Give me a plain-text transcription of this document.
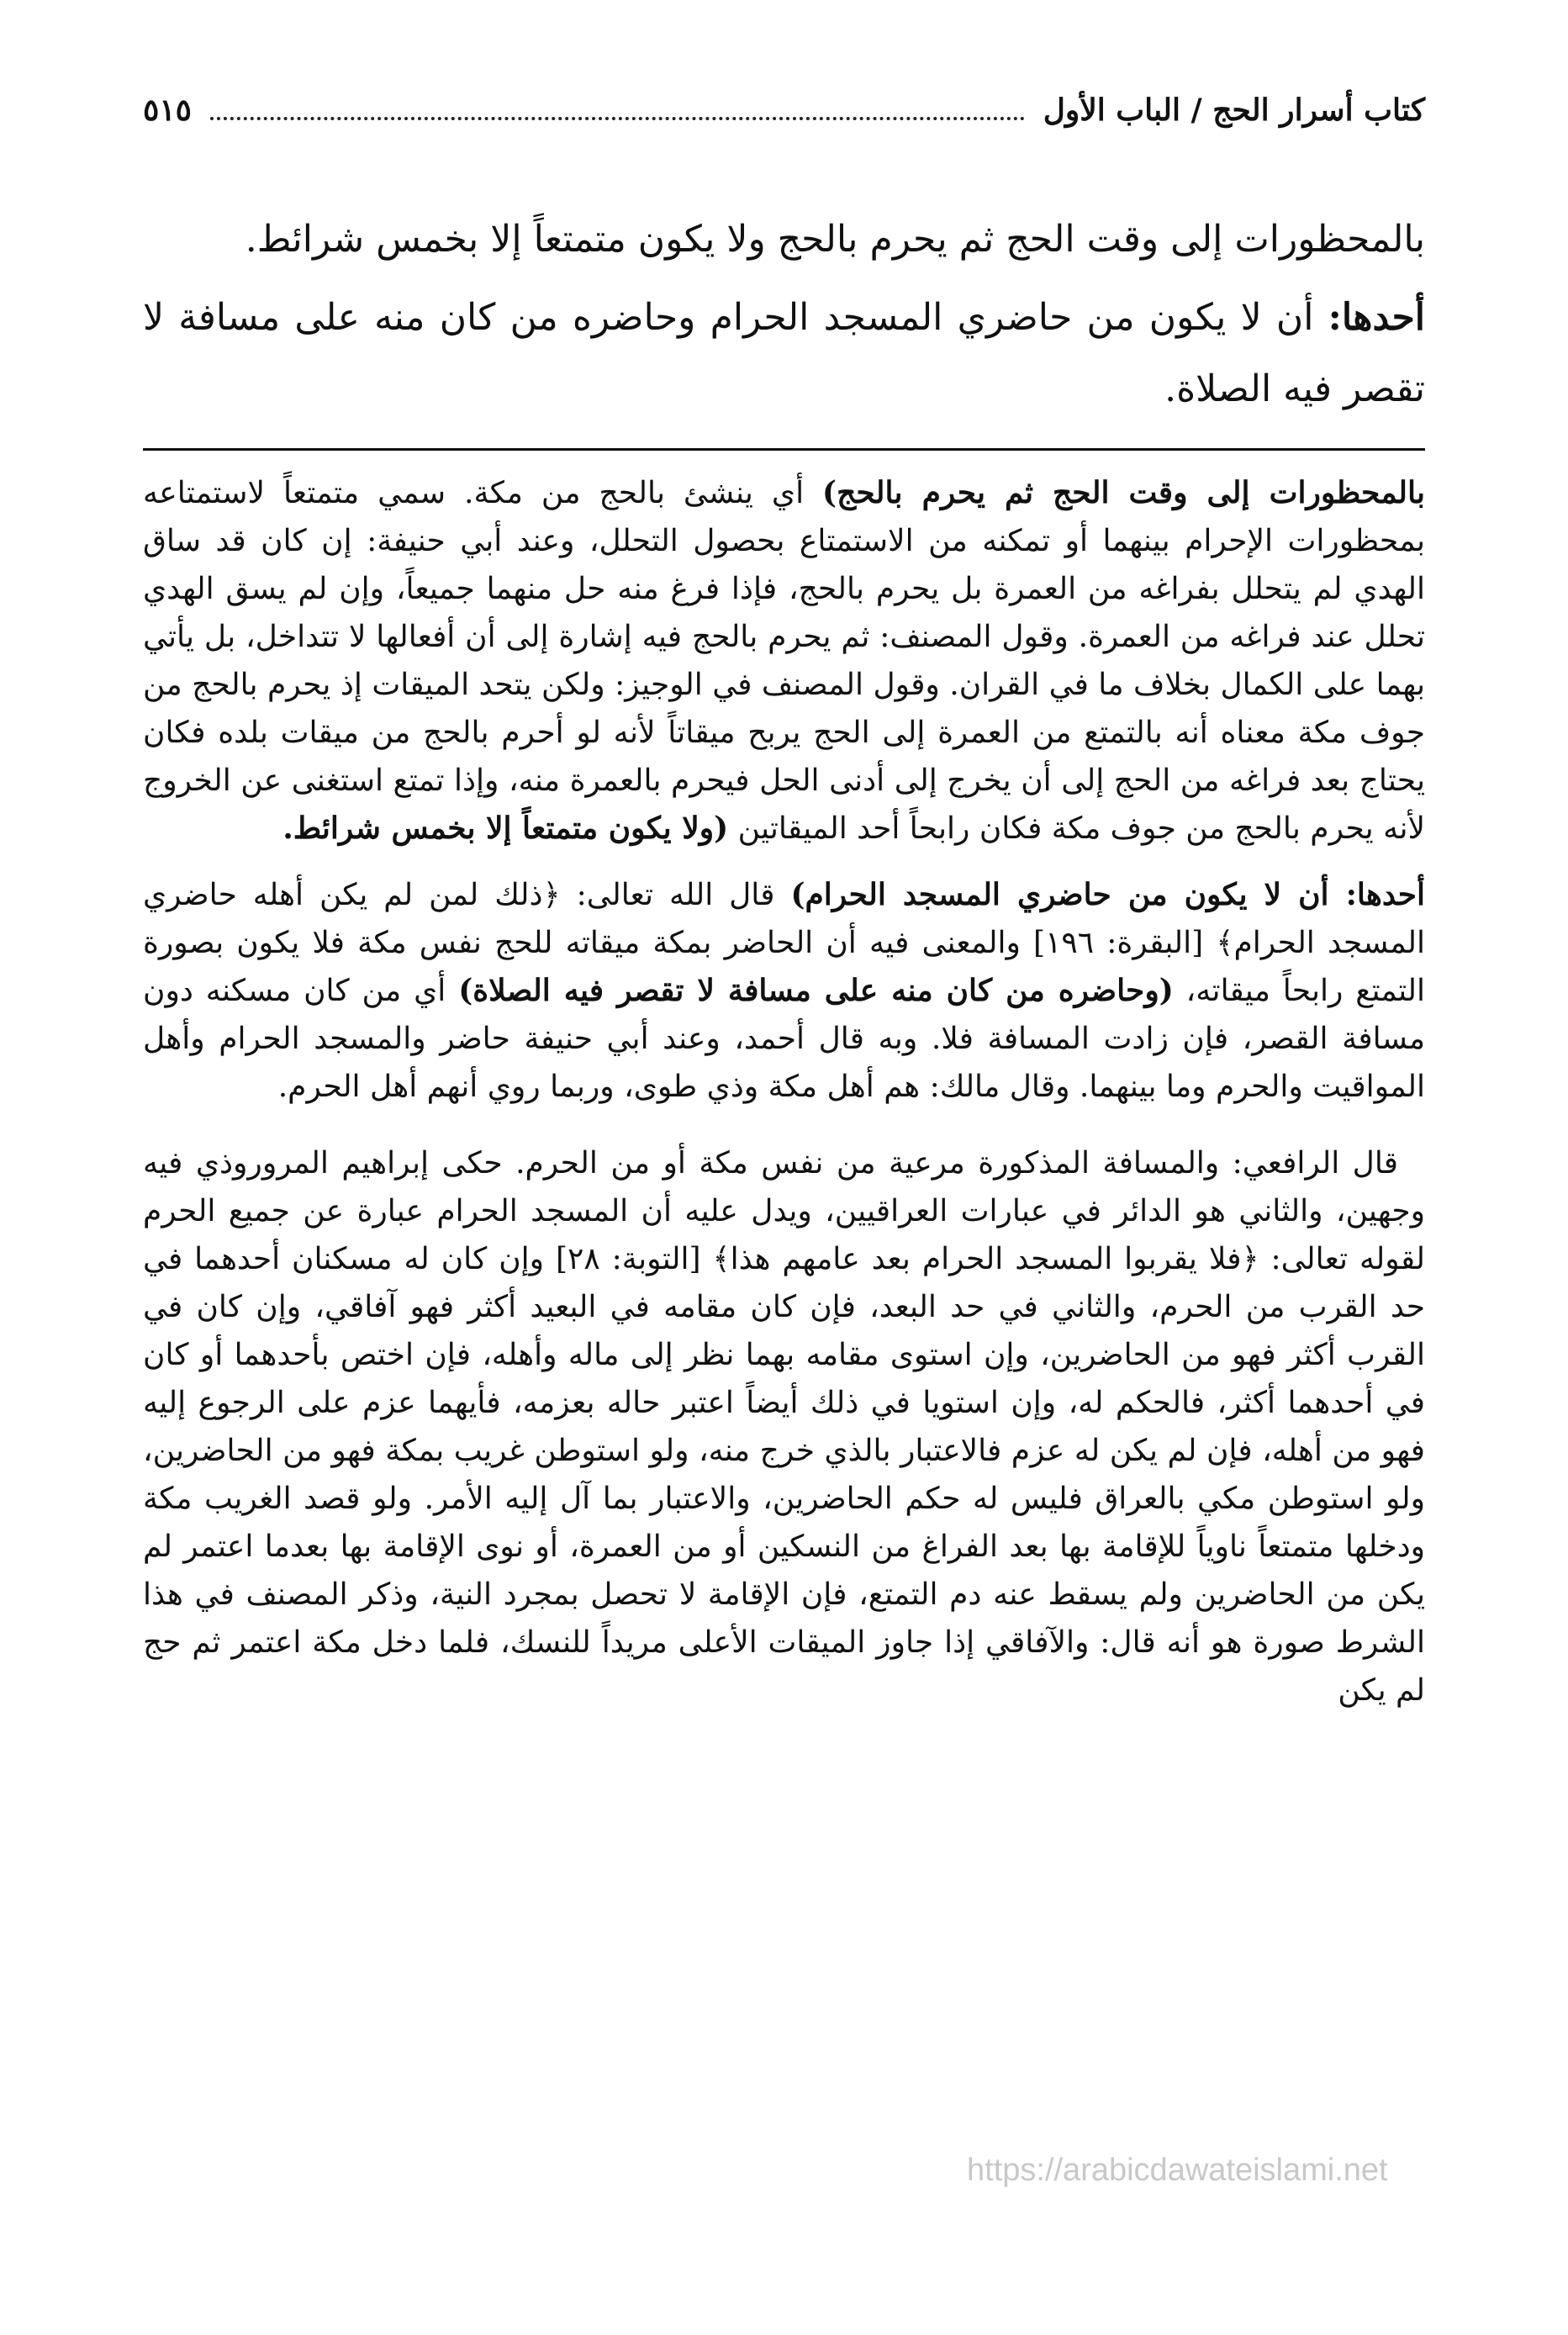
كتاب أسرار الحج / الباب الأول
٥١٥

بالمحظورات إلى وقت الحج ثم يحرم بالحج ولا يكون متمتعاً إلا بخمس شرائط.

أحدها: أن لا يكون من حاضري المسجد الحرام وحاضره من كان منه على مسافة لا تقصر فيه الصلاة.

بالمحظورات إلى وقت الحج ثم يحرم بالحج) أي ينشئ بالحج من مكة. سمي متمتعاً لاستمتاعه بمحظورات الإحرام بينهما أو تمكنه من الاستمتاع بحصول التحلل، وعند أبي حنيفة: إن كان قد ساق الهدي لم يتحلل بفراغه من العمرة بل يحرم بالحج، فإذا فرغ منه حل منهما جميعاً، وإن لم يسق الهدي تحلل عند فراغه من العمرة. وقول المصنف: ثم يحرم بالحج فيه إشارة إلى أن أفعالها لا تتداخل، بل يأتي بهما على الكمال بخلاف ما في القران. وقول المصنف في الوجيز: ولكن يتحد الميقات إذ يحرم بالحج من جوف مكة معناه أنه بالتمتع من العمرة إلى الحج يربح ميقاتاً لأنه لو أحرم بالحج من ميقات بلده فكان يحتاج بعد فراغه من الحج إلى أن يخرج إلى أدنى الحل فيحرم بالعمرة منه، وإذا تمتع استغنى عن الخروج لأنه يحرم بالحج من جوف مكة فكان رابحاً أحد الميقاتين (ولا يكون متمتعاً إلا بخمس شرائط.

أحدها: أن لا يكون من حاضري المسجد الحرام) قال الله تعالى: ﴿ذلك لمن لم يكن أهله حاضري المسجد الحرام﴾ [البقرة: ١٩٦] والمعنى فيه أن الحاضر بمكة ميقاته للحج نفس مكة فلا يكون بصورة التمتع رابحاً ميقاته، (وحاضره من كان منه على مسافة لا تقصر فيه الصلاة) أي من كان مسكنه دون مسافة القصر، فإن زادت المسافة فلا. وبه قال أحمد، وعند أبي حنيفة حاضر والمسجد الحرام وأهل المواقيت والحرم وما بينهما. وقال مالك: هم أهل مكة وذي طوى، وربما روي أنهم أهل الحرم.

قال الرافعي: والمسافة المذكورة مرعية من نفس مكة أو من الحرم. حكى إبراهيم المروروذي فيه وجهين، والثاني هو الدائر في عبارات العراقيين، ويدل عليه أن المسجد الحرام عبارة عن جميع الحرم لقوله تعالى: ﴿فلا يقربوا المسجد الحرام بعد عامهم هذا﴾ [التوبة: ٢٨] وإن كان له مسكنان أحدهما في حد القرب من الحرم، والثاني في حد البعد، فإن كان مقامه في البعيد أكثر فهو آفاقي، وإن كان في القرب أكثر فهو من الحاضرين، وإن استوى مقامه بهما نظر إلى ماله وأهله، فإن اختص بأحدهما أو كان في أحدهما أكثر، فالحكم له، وإن استويا في ذلك أيضاً اعتبر حاله بعزمه، فأيهما عزم على الرجوع إليه فهو من أهله، فإن لم يكن له عزم فالاعتبار بالذي خرج منه، ولو استوطن غريب بمكة فهو من الحاضرين، ولو استوطن مكي بالعراق فليس له حكم الحاضرين، والاعتبار بما آل إليه الأمر. ولو قصد الغريب مكة ودخلها متمتعاً ناوياً للإقامة بها بعد الفراغ من النسكين أو من العمرة، أو نوى الإقامة بها بعدما اعتمر لم يكن من الحاضرين ولم يسقط عنه دم التمتع، فإن الإقامة لا تحصل بمجرد النية، وذكر المصنف في هذا الشرط صورة هو أنه قال: والآفاقي إذا جاوز الميقات الأعلى مريداً للنسك، فلما دخل مكة اعتمر ثم حج لم يكن

https://arabicdawateislami.net
